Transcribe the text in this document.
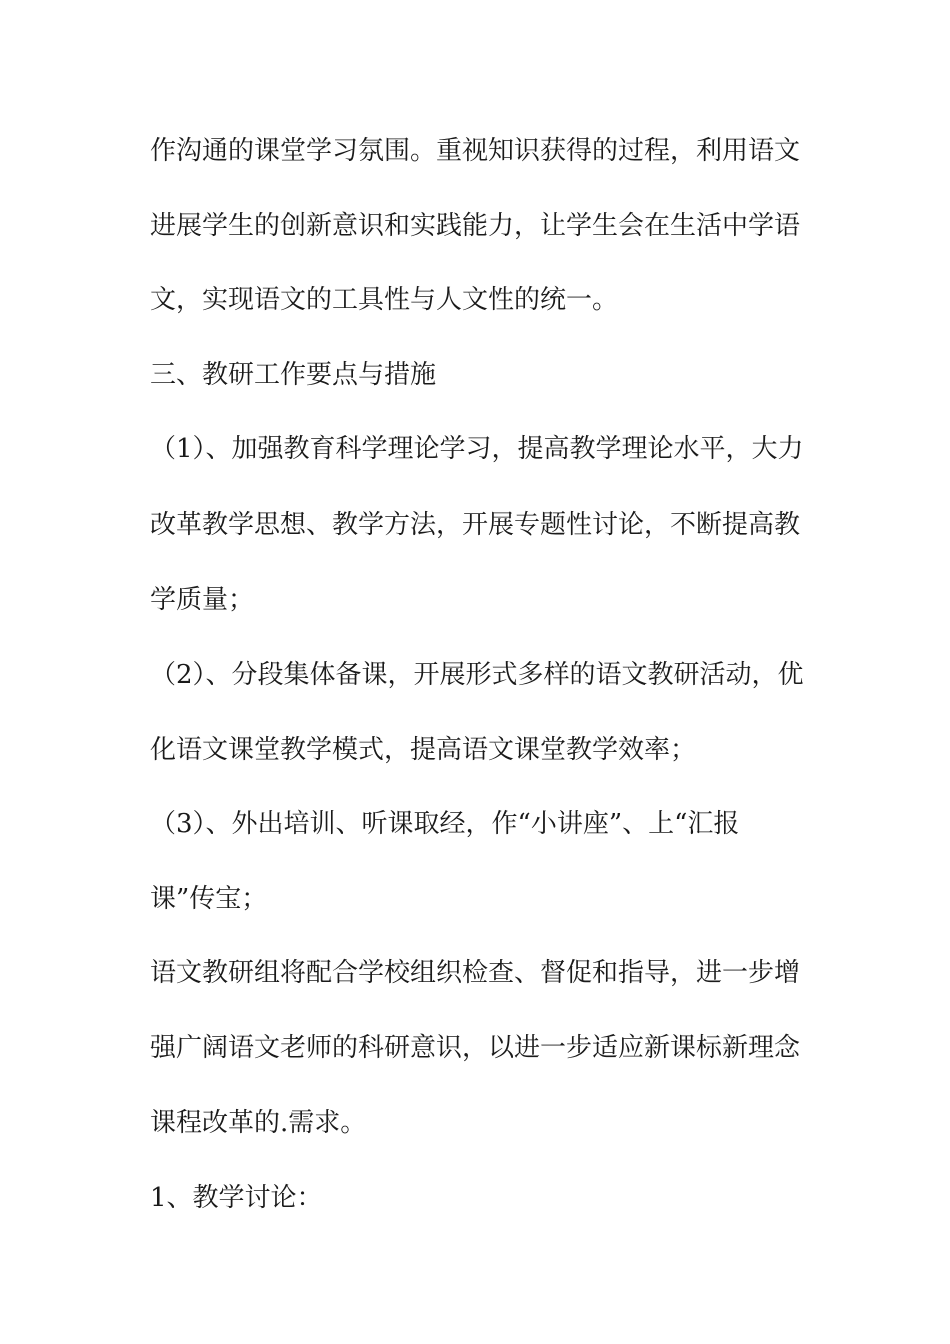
作沟通的课堂学习氛围。重视知识获得的过程，利用语文
进展学生的创新意识和实践能力，让学生会在生活中学语
文，实现语文的工具性与人文性的统一。
三、教研工作要点与措施
（1）、加强教育科学理论学习，提高教学理论水平，大力
改革教学思想、教学方法，开展专题性讨论，不断提高教
学质量；
（2）、分段集体备课，开展形式多样的语文教研活动，优
化语文课堂教学模式，提高语文课堂教学效率；
（3）、外出培训、听课取经，作“小讲座”、上“汇报
课”传宝；
语文教研组将配合学校组织检查、督促和指导，进一步增
强广阔语文老师的科研意识，以进一步适应新课标新理念
课程改革的.需求。
1、教学讨论：
